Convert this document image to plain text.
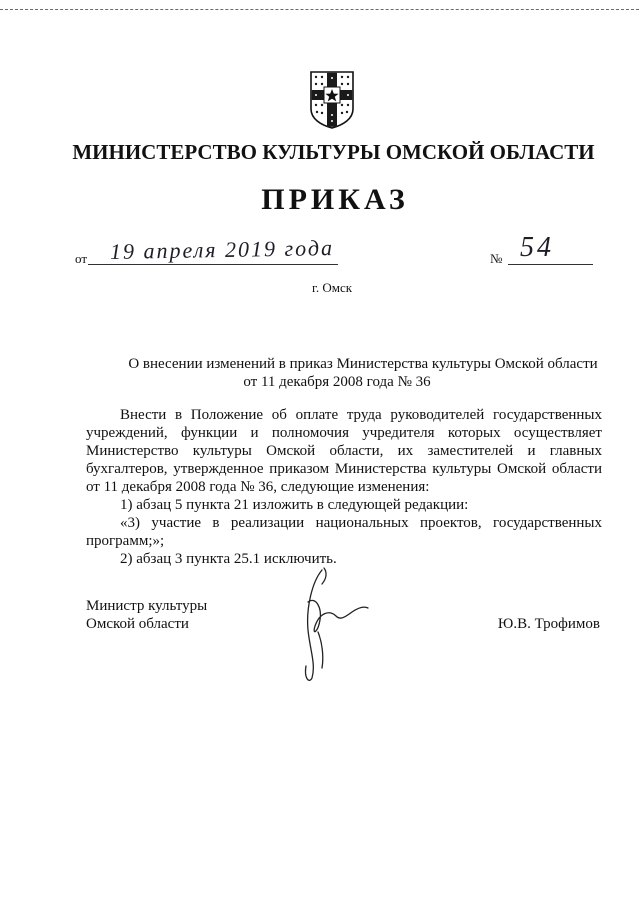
МИНИСТЕРСТВО КУЛЬТУРЫ ОМСКОЙ ОБЛАСТИ
ПРИКАЗ
от 19 апреля 2019 года	№ 54
г. Омск
О внесении изменений в приказ Министерства культуры Омской области
от 11 декабря 2008 года № 36

Внести в Положение об оплате труда руководителей государственных учреждений, функции и полномочия учредителя которых осуществляет Министерство культуры Омской области, их заместителей и главных бухгалтеров, утвержденное приказом Министерства культуры Омской области от 11 декабря 2008 года № 36, следующие изменения:

1) абзац 5 пункта 21 изложить в следующей редакции:

«3) участие в реализации национальных проектов, государственных программ;»;

2) абзац 3 пункта 25.1 исключить.

Министр культуры
Омской области	Ю.В. Трофимов
